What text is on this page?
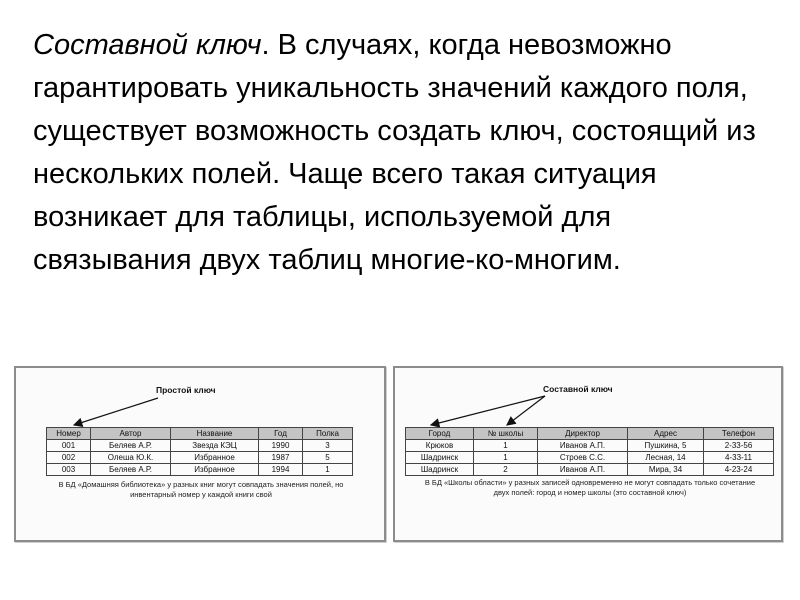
Составной ключ. В случаях, когда невозможно гарантировать уникальность значений каждого поля, существует возможность создать ключ, состоящий из нескольких полей. Чаще всего такая ситуация возникает для таблицы, используемой для связывания двух таблиц многие-ко-многим.

Простой ключ
Номер	Автор	Название	Год	Полка
001	Беляев А.Р.	Звезда КЭЦ	1990	3
002	Олеша Ю.К.	Избранное	1987	5
003	Беляев А.Р.	Избранное	1994	1
В БД «Домашняя библиотека» у разных книг могут совпадать значения полей, но инвентарный номер у каждой книги свой
Составной ключ
Город	№ школы	Директор	Адрес	Телефон
Крюков	1	Иванов А.П.	Пушкина, 5	2-33-56
Шадринск	1	Строев С.С.	Лесная, 14	4-33-11
Шадринск	2	Иванов А.П.	Мира, 34	4-23-24
В БД «Школы области» у разных записей одновременно не могут совпадать только сочетание двух полей: город и номер школы (это составной ключ)
